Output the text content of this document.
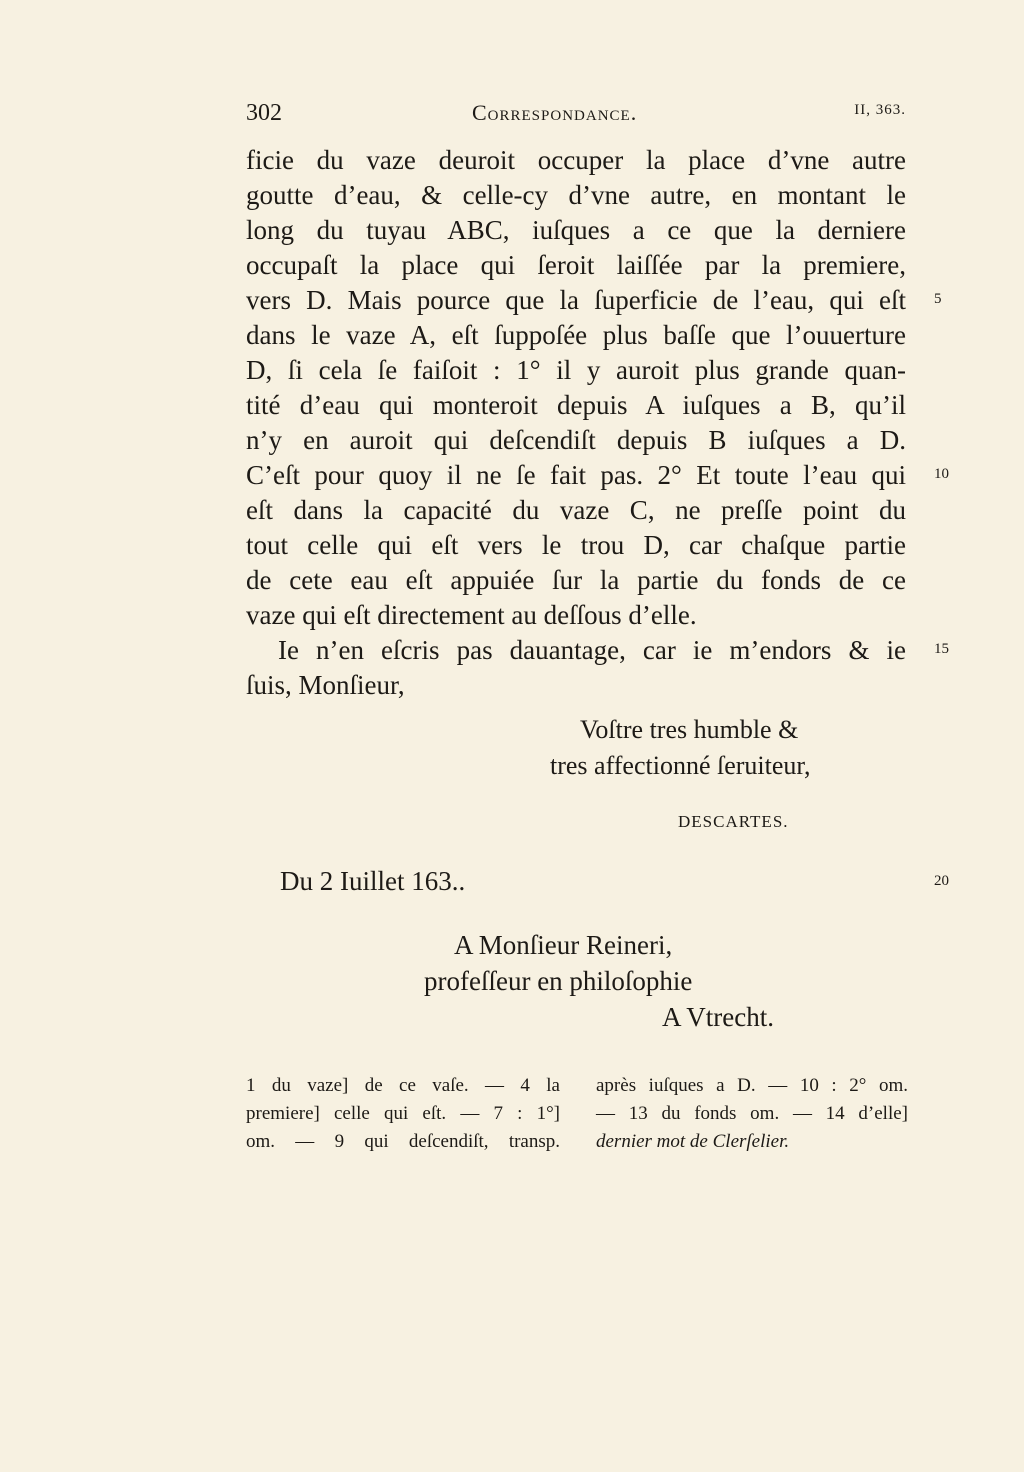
302	Correspondance.	II, 363.
ficie du vaze deuroit occuper la place d’vne autre
goutte d’eau, & celle-cy d’vne autre, en montant le
long du tuyau ABC, iuſques a ce que la derniere
occupaſt la place qui ſeroit laiſſée par la premiere,
vers D. Mais pource que la ſuperficie de l’eau, qui eſt
dans le vaze A, eſt ſuppoſée plus baſſe que l’ouuerture
D, ſi cela ſe faiſoit : 1° il y auroit plus grande quan-
tité d’eau qui monteroit depuis A iuſques a B, qu’il
n’y en auroit qui deſcendiſt depuis B iuſques a D.
C’eſt pour quoy il ne ſe fait pas. 2° Et toute l’eau qui
eſt dans la capacité du vaze C, ne preſſe point du
tout celle qui eſt vers le trou D, car chaſque partie
de cete eau eſt appuiée ſur la partie du fonds de ce
vaze qui eſt directement au deſſous d’elle.
Ie n’en eſcris pas dauantage, car ie m’endors & ie
ſuis, Monſieur,
5
10
15
20
Voſtre tres humble &
tres affectionné ſeruiteur,
DESCARTES.
Du 2 Iuillet 163..
A Monſieur Reineri,
profeſſeur en philoſophie
A Vtrecht.
1 du vaze] de ce vaſe. — 4 la
premiere] celle qui eſt. — 7 : 1°]
om. — 9 qui deſcendiſt, transp.
après iuſques a D. — 10 : 2° om.
— 13 du fonds om. — 14 d’elle]
dernier mot de Clerſelier.
